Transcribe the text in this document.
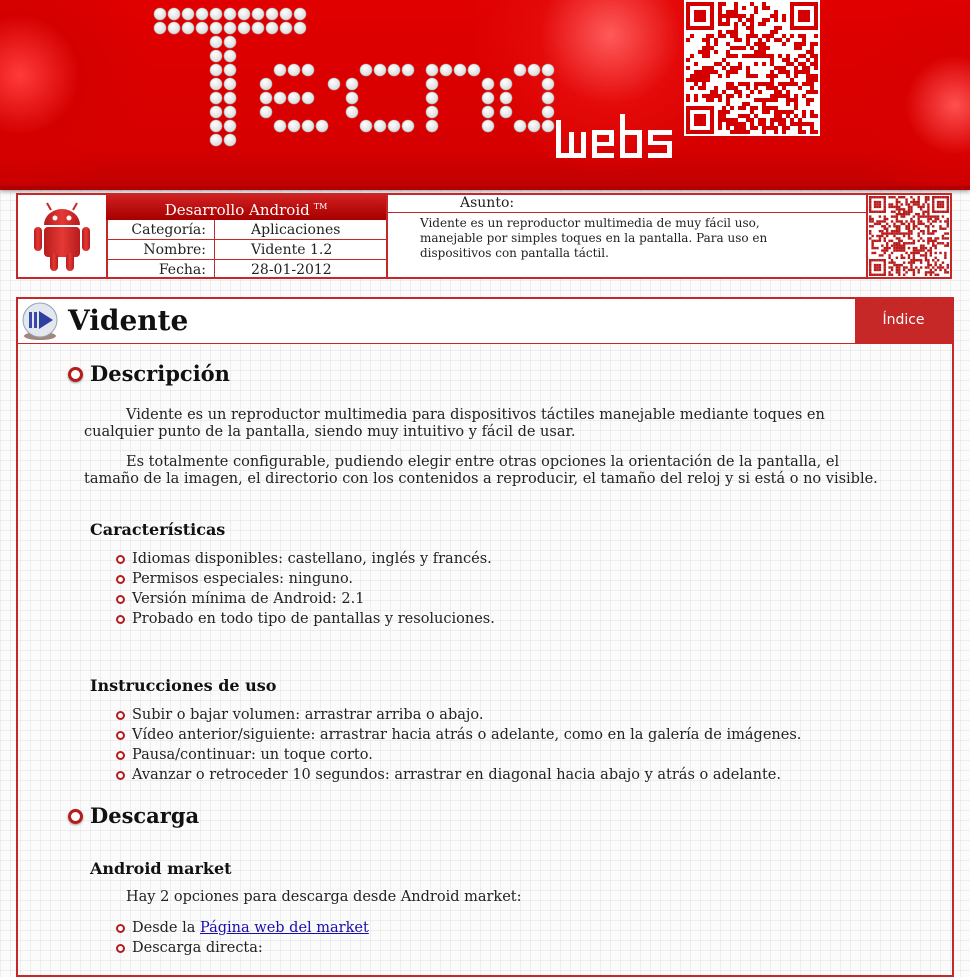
Desarrollo Android ™
Categoría:	Aplicaciones
Nombre:	Vidente 1.2
Fecha:	28-01-2012
Asunto:
Vidente es un reproductor multimedia de muy fácil uso, manejable por simples toques en la pantalla. Para uso en dispositivos con pantalla táctil.
Vidente	Índice
Descripción

Vidente es un reproductor multimedia para dispositivos táctiles manejable mediante toques en cualquier punto de la pantalla, siendo muy intuitivo y fácil de usar.

Es totalmente configurable, pudiendo elegir entre otras opciones la orientación de la pantalla, el tamaño de la imagen, el directorio con los contenidos a reproducir, el tamaño del reloj y si está o no visible.

Características
Idiomas disponibles: castellano, inglés y francés.
Permisos especiales: ninguno.
Versión mínima de Android: 2.1
Probado en todo tipo de pantallas y resoluciones.
Instrucciones de uso
Subir o bajar volumen: arrastrar arriba o abajo.
Vídeo anterior/siguiente: arrastrar hacia atrás o adelante, como en la galería de imágenes.
Pausa/continuar: un toque corto.
Avanzar o retroceder 10 segundos: arrastrar en diagonal hacia abajo y atrás o adelante.
Descarga
Android market

Hay 2 opciones para descarga desde Android market:

Desde la Página web del market
Descarga directa:
